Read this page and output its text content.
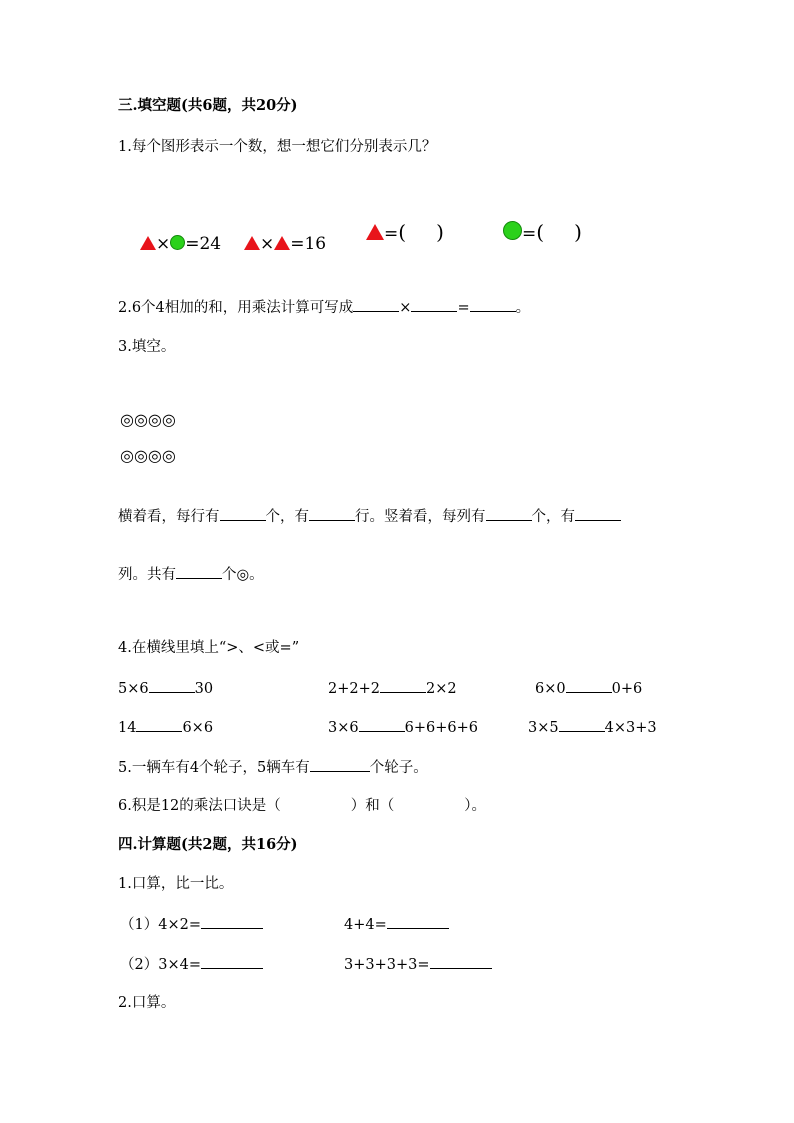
三.填空题(共6题，共20分)
1.每个图形表示一个数，想一想它们分别表示几？
× =24	× =16	=( )	=( )
2.6个4相加的和，用乘法计算可写成	×	=	。
3.填空。
◎◎◎◎
◎◎◎◎
横着看，每行有	个，有	行。竖着看，每列有	个，有
列。共有	个◎。
4.在横线里填上“>、<或=”
5×6	30	2+2+2	2×2	6×0	0+6
14	6×6	3×6	6+6+6+6	3×5	4×3+3
5.一辆车有4个轮子，5辆车有	个轮子。
6.积是12的乘法口诀是（	）和（	）。
四.计算题(共2题，共16分)
1.口算，比一比。
（1）4×2=	4+4=
（2）3×4=	3+3+3+3=
2.口算。
